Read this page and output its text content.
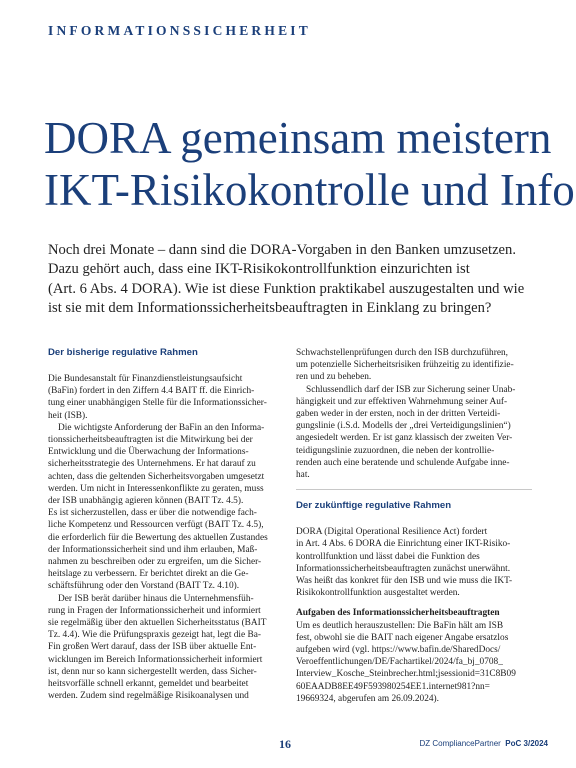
INFORMATIONSSICHERHEIT
DORA gemeinsam meistern
IKT-Risikokontrolle und Info
Noch drei Monate – dann sind die DORA-Vorgaben in den Banken umzusetzen.
Dazu gehört auch, dass eine IKT-Risikokontrollfunktion einzurichten ist
(Art. 6 Abs. 4 DORA). Wie ist diese Funktion praktikabel auszugestalten und wie
ist sie mit dem Informationssicherheitsbeauftragten in Einklang zu bringen?
Der bisherige regulative Rahmen
Die Bundesanstalt für Finanzdienstleistungsaufsicht
(BaFin) fordert in den Ziffern 4.4 BAIT ff. die Einrich-
tung einer unabhängigen Stelle für die Informationssicher-
heit (ISB).
Die wichtigste Anforderung der BaFin an den Informa-
tionssicherheitsbeauftragten ist die Mitwirkung bei der
Entwicklung und die Überwachung der Informations-
sicherheitsstrategie des Unternehmens. Er hat darauf zu
achten, dass die geltenden Sicherheitsvorgaben umgesetzt
werden. Um nicht in Interessenkonflikte zu geraten, muss
der ISB unabhängig agieren können (BAIT Tz. 4.5).
Es ist sicherzustellen, dass er über die notwendige fach-
liche Kompetenz und Ressourcen verfügt (BAIT Tz. 4.5),
die erforderlich für die Bewertung des aktuellen Zustandes
der Informationssicherheit sind und ihm erlauben, Maß-
nahmen zu beschreiben oder zu ergreifen, um die Sicher-
heitslage zu verbessern. Er berichtet direkt an die Ge-
schäftsführung oder den Vorstand (BAIT Tz. 4.10).
Der ISB berät darüber hinaus die Unternehmensfüh-
rung in Fragen der Informationssicherheit und informiert
sie regelmäßig über den aktuellen Sicherheitsstatus (BAIT
Tz. 4.4). Wie die Prüfungspraxis gezeigt hat, legt die Ba-
Fin großen Wert darauf, dass der ISB über aktuelle Ent-
wicklungen im Bereich Informationssicherheit informiert
ist, denn nur so kann sichergestellt werden, dass Sicher-
heitsvorfälle schnell erkannt, gemeldet und bearbeitet
werden. Zudem sind regelmäßige Risikoanalysen und
Schwachstellenprüfungen durch den ISB durchzuführen,
um potenzielle Sicherheitsrisiken frühzeitig zu identifizie-
ren und zu beheben.
Schlussendlich darf der ISB zur Sicherung seiner Unab-
hängigkeit und zur effektiven Wahrnehmung seiner Auf-
gaben weder in der ersten, noch in der dritten Verteidi-
gungslinie (i.S.d. Modells der „drei Verteidigungslinien“)
angesiedelt werden. Er ist ganz klassisch der zweiten Ver-
teidigungslinie zuzuordnen, die neben der kontrollie-
renden auch eine beratende und schulende Aufgabe inne-
hat.
Der zukünftige regulative Rahmen
DORA (Digital Operational Resilience Act) fordert
in Art. 4 Abs. 6 DORA die Einrichtung einer IKT-Risiko-
kontrollfunktion und lässt dabei die Funktion des
Informationssicherheitsbeauftragten zunächst unerwähnt.
Was heißt das konkret für den ISB und wie muss die IKT-
Risikokontrollfunktion ausgestaltet werden.
Aufgaben des Informationssicherheitsbeauftragten
Um es deutlich herauszustellen: Die BaFin hält am ISB
fest, obwohl sie die BAIT nach eigener Angabe ersatzlos
aufgeben wird (vgl. https://www.bafin.de/SharedDocs/
Veroeffentlichungen/DE/Fachartikel/2024/fa_bj_0708_
Interview_Kosche_Steinbrecher.html;jsessionid=31C8B09
60EAADB8EE49F593980254EE1.internet981?nn=
19669324, abgerufen am 26.09.2024).
16	DZ CompliancePartner PoC 3/2024
